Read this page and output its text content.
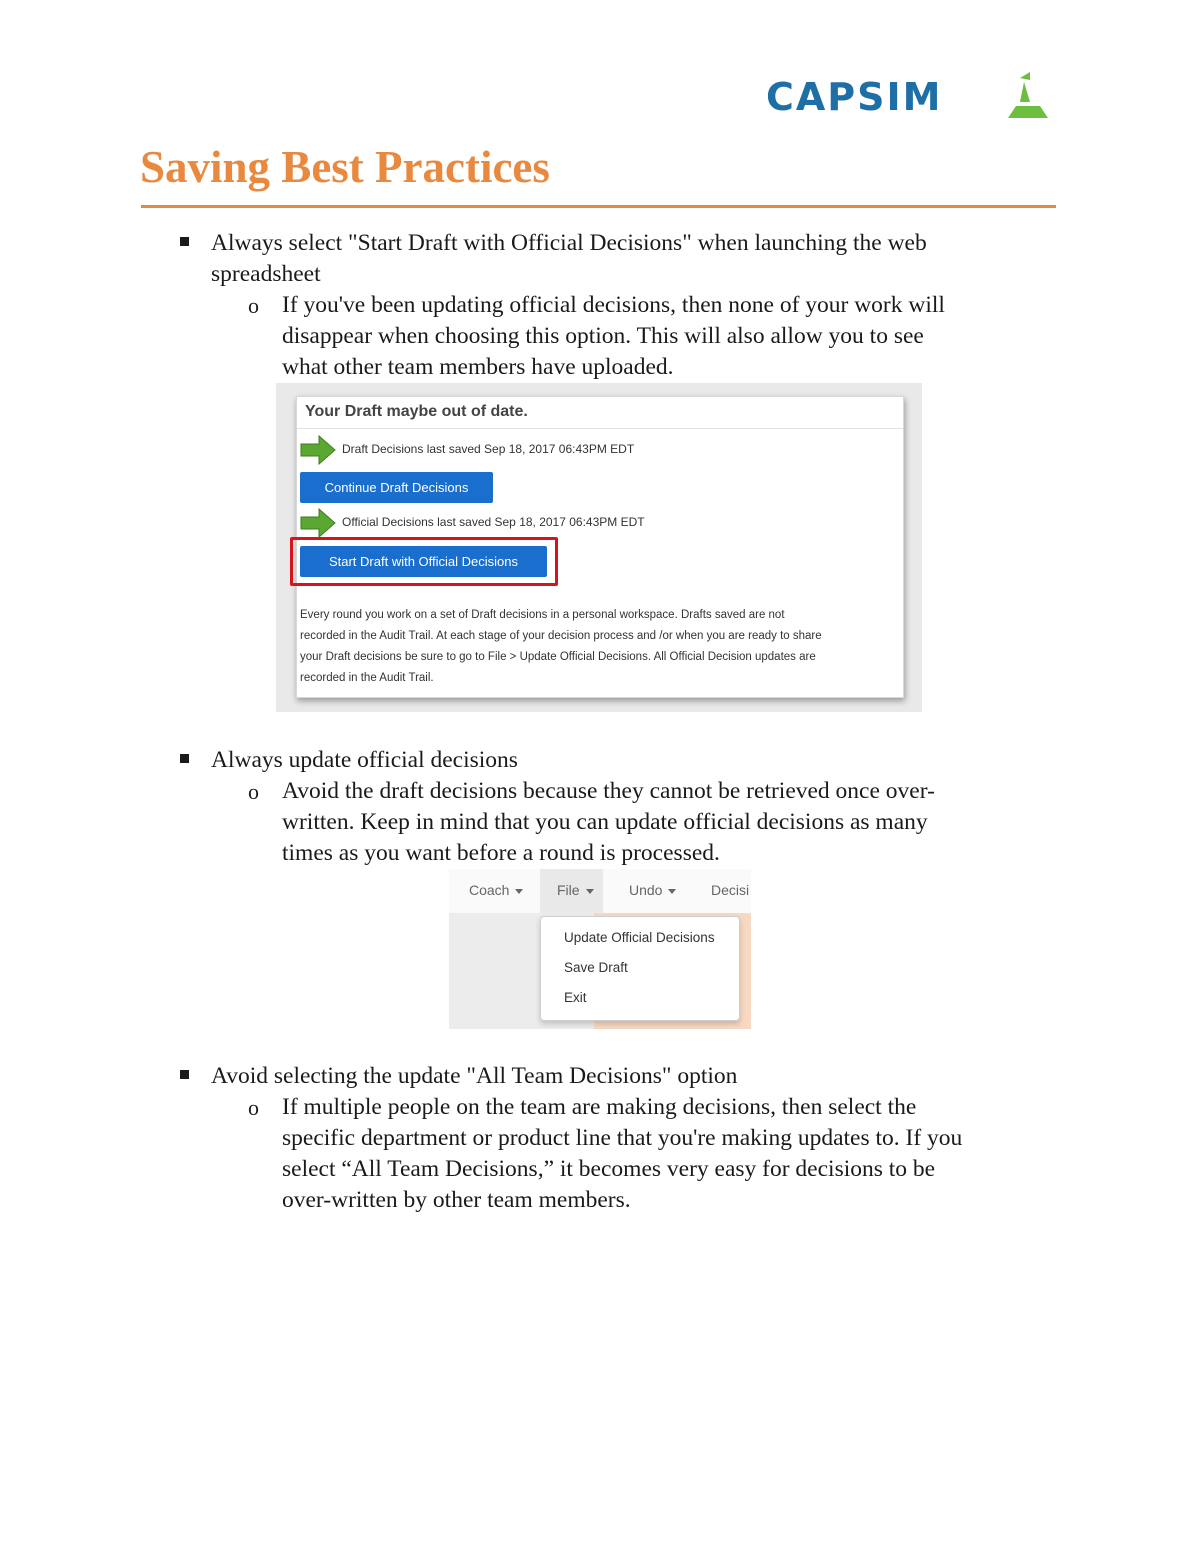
CAPSIM
Saving Best Practices
Always select "Start Draft with Official Decisions" when launching the web
spreadsheet
o If you've been updating official decisions, then none of your work will
disappear when choosing this option. This will also allow you to see
what other team members have uploaded.
Your Draft maybe out of date.
Draft Decisions last saved Sep 18, 2017 06:43PM EDT
Continue Draft Decisions
Official Decisions last saved Sep 18, 2017 06:43PM EDT
Start Draft with Official Decisions
Every round you work on a set of Draft decisions in a personal workspace. Drafts saved are not
recorded in the Audit Trail. At each stage of your decision process and /or when you are ready to share
your Draft decisions be sure to go to File > Update Official Decisions. All Official Decision updates are
recorded in the Audit Trail.
Always update official decisions
o Avoid the draft decisions because they cannot be retrieved once over-
written. Keep in mind that you can update official decisions as many
times as you want before a round is processed.
Coach	File	Undo	Decisi
Update Official Decisions
Save Draft
Exit
Avoid selecting the update "All Team Decisions" option
o If multiple people on the team are making decisions, then select the
specific department or product line that you're making updates to. If you
select “All Team Decisions,” it becomes very easy for decisions to be
over-written by other team members.
